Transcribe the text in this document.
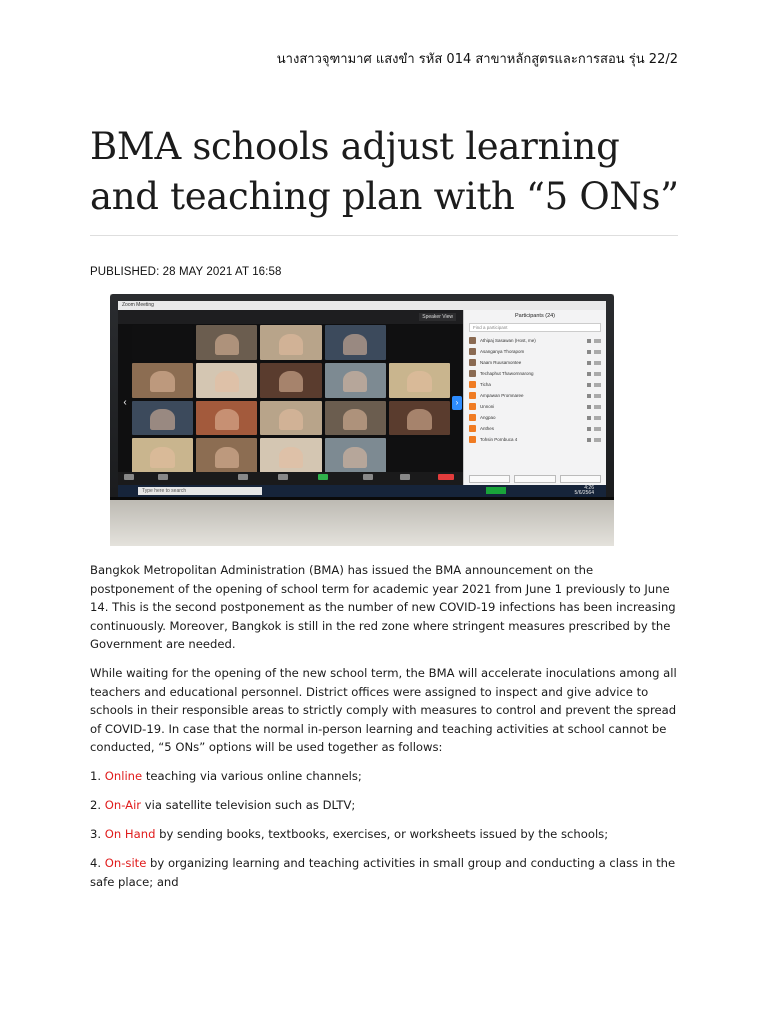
นางสาวจุฑามาศ แสงขำ รหัส 014 สาขาหลักสูตรและการสอน รุ่น 22/2
BMA schools adjust learning and teaching plan with “5 ONs”
PUBLISHED: 28 MAY 2021 AT 16:58
Zoom Meeting
Speaker View
‹	›
Participants (24)
Find a participant
Athipaj Sasawan (Host, me)
Asanganya Thorapom
Naam Ruusamontee
Techaphut Thawornnarong
Ticha
Ampawan Promnaree
Unnoni
Angpao
Anthes
Tohsin Pornbuca 4
Type here to search	4:26
5/6/2564

Bangkok Metropolitan Administration (BMA) has issued the BMA announcement on the postponement of the opening of school term for academic year 2021 from June 1 previously to June 14. This is the second postponement as the number of new COVID-19 infections has been increasing continuously. Moreover, Bangkok is still in the red zone where stringent measures prescribed by the Government are needed.

While waiting for the opening of the new school term, the BMA will accelerate inoculations among all teachers and educational personnel. District offices were assigned to inspect and give advice to schools in their responsible areas to strictly comply with measures to control and prevent the spread of COVID-19. In case that the normal in-person learning and teaching activities at school cannot be conducted, “5 ONs” options will be used together as follows:

1. Online teaching via various online channels;

2. On-Air via satellite television such as DLTV;

3. On Hand by sending books, textbooks, exercises, or worksheets issued by the schools;

4. On-site by organizing learning and teaching activities in small group and conducting a class in the safe place; and
